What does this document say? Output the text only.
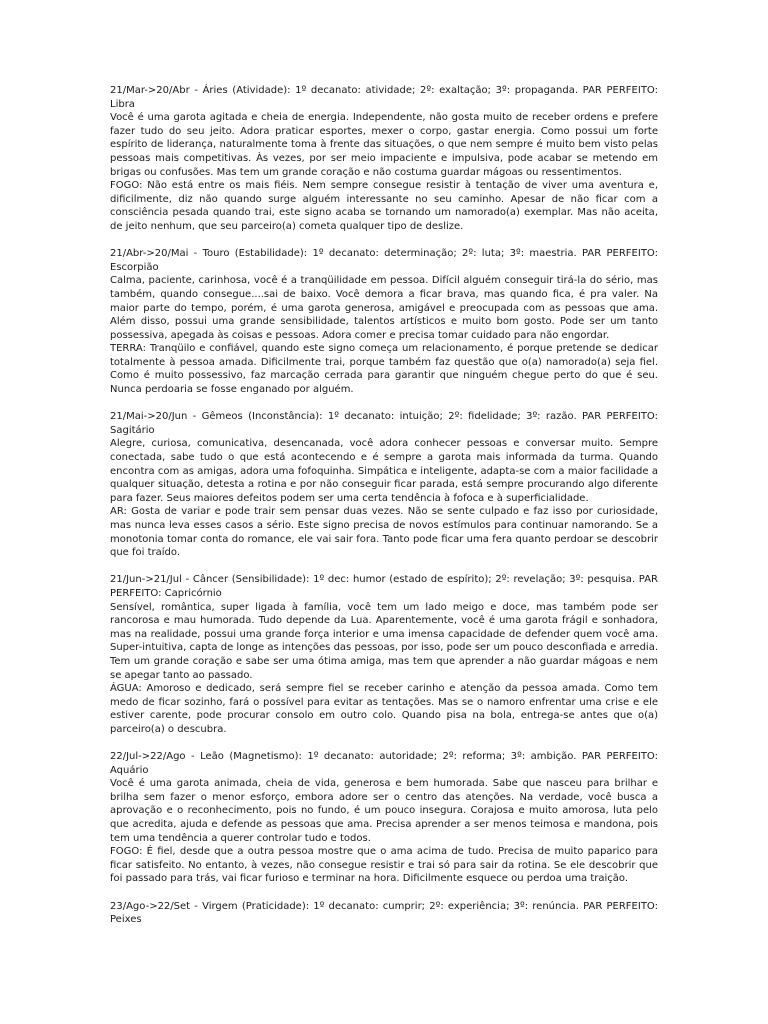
21/Mar->20/Abr - Áries (Atividade): 1º decanato: atividade; 2º: exaltação; 3º: propaganda. PAR PERFEITO: Libra

Você é uma garota agitada e cheia de energia. Independente, não gosta muito de receber ordens e prefere fazer tudo do seu jeito. Adora praticar esportes, mexer o corpo, gastar energia. Como possui um forte espírito de liderança, naturalmente toma à frente das situações, o que nem sempre é muito bem visto pelas pessoas mais competitivas. Às vezes, por ser meio impaciente e impulsiva, pode acabar se metendo em brigas ou confusões. Mas tem um grande coração e não costuma guardar mágoas ou ressentimentos.

FOGO: Não está entre os mais fiéis. Nem sempre consegue resistir à tentação de viver uma aventura e, dificilmente, diz não quando surge alguém interessante no seu caminho. Apesar de não ficar com a consciência pesada quando trai, este signo acaba se tornando um namorado(a) exemplar. Mas não aceita, de jeito nenhum, que seu parceiro(a) cometa qualquer tipo de deslize.

21/Abr->20/Mai - Touro (Estabilidade): 1º decanato: determinação; 2º: luta; 3º: maestria. PAR PERFEITO: Escorpião

Calma, paciente, carinhosa, você é a tranqüilidade em pessoa. Difícil alguém conseguir tirá-la do sério, mas também, quando consegue....sai de baixo. Você demora a ficar brava, mas quando fica, é pra valer. Na maior parte do tempo, porém, é uma garota generosa, amigável e preocupada com as pessoas que ama. Além disso, possui uma grande sensibilidade, talentos artísticos e muito bom gosto. Pode ser um tanto possessiva, apegada às coisas e pessoas. Adora comer e precisa tomar cuidado para não engordar.

TERRA: Tranqüilo e confiável, quando este signo começa um relacionamento, é porque pretende se dedicar totalmente à pessoa amada. Dificilmente trai, porque também faz questão que o(a) namorado(a) seja fiel. Como é muito possessivo, faz marcação cerrada para garantir que ninguém chegue perto do que é seu. Nunca perdoaria se fosse enganado por alguém.

21/Mai->20/Jun - Gêmeos (Inconstância): 1º decanato: intuição; 2º: fidelidade; 3º: razão. PAR PERFEITO: Sagitário

Alegre, curiosa, comunicativa, desencanada, você adora conhecer pessoas e conversar muito. Sempre conectada, sabe tudo o que está acontecendo e é sempre a garota mais informada da turma. Quando encontra com as amigas, adora uma fofoquinha. Simpática e inteligente, adapta-se com a maior facilidade a qualquer situação, detesta a rotina e por não conseguir ficar parada, está sempre procurando algo diferente para fazer. Seus maiores defeitos podem ser uma certa tendência à fofoca e à superficialidade.

AR: Gosta de variar e pode trair sem pensar duas vezes. Não se sente culpado e faz isso por curiosidade, mas nunca leva esses casos a sério. Este signo precisa de novos estímulos para continuar namorando. Se a monotonia tomar conta do romance, ele vai sair fora. Tanto pode ficar uma fera quanto perdoar se descobrir que foi traído.

21/Jun->21/Jul - Câncer (Sensibilidade): 1º dec: humor (estado de espírito); 2º: revelação; 3º: pesquisa. PAR PERFEITO: Capricórnio

Sensível, romântica, super ligada à família, você tem um lado meigo e doce, mas também pode ser rancorosa e mau humorada. Tudo depende da Lua. Aparentemente, você é uma garota frágil e sonhadora, mas na realidade, possui uma grande força interior e uma imensa capacidade de defender quem você ama. Super-intuitiva, capta de longe as intenções das pessoas, por isso, pode ser um pouco desconfiada e arredia. Tem um grande coração e sabe ser uma ótima amiga, mas tem que aprender a não guardar mágoas e nem se apegar tanto ao passado.

ÁGUA: Amoroso e dedicado, será sempre fiel se receber carinho e atenção da pessoa amada. Como tem medo de ficar sozinho, fará o possível para evitar as tentações. Mas se o namoro enfrentar uma crise e ele estiver carente, pode procurar consolo em outro colo. Quando pisa na bola, entrega-se antes que o(a) parceiro(a) o descubra.

22/Jul->22/Ago - Leão (Magnetismo): 1º decanato: autoridade; 2º: reforma; 3º: ambição. PAR PERFEITO: Aquário

Você é uma garota animada, cheia de vida, generosa e bem humorada. Sabe que nasceu para brilhar e brilha sem fazer o menor esforço, embora adore ser o centro das atenções. Na verdade, você busca a aprovação e o reconhecimento, pois no fundo, é um pouco insegura. Corajosa e muito amorosa, luta pelo que acredita, ajuda e defende as pessoas que ama. Precisa aprender a ser menos teimosa e mandona, pois tem uma tendência a querer controlar tudo e todos.

FOGO: É fiel, desde que a outra pessoa mostre que o ama acima de tudo. Precisa de muito paparico para ficar satisfeito. No entanto, à vezes, não consegue resistir e trai só para sair da rotina. Se ele descobrir que foi passado para trás, vai ficar furioso e terminar na hora. Dificilmente esquece ou perdoa uma traição.

23/Ago->22/Set - Virgem (Praticidade): 1º decanato: cumprir; 2º: experiência; 3º: renúncia. PAR PERFEITO: Peixes
